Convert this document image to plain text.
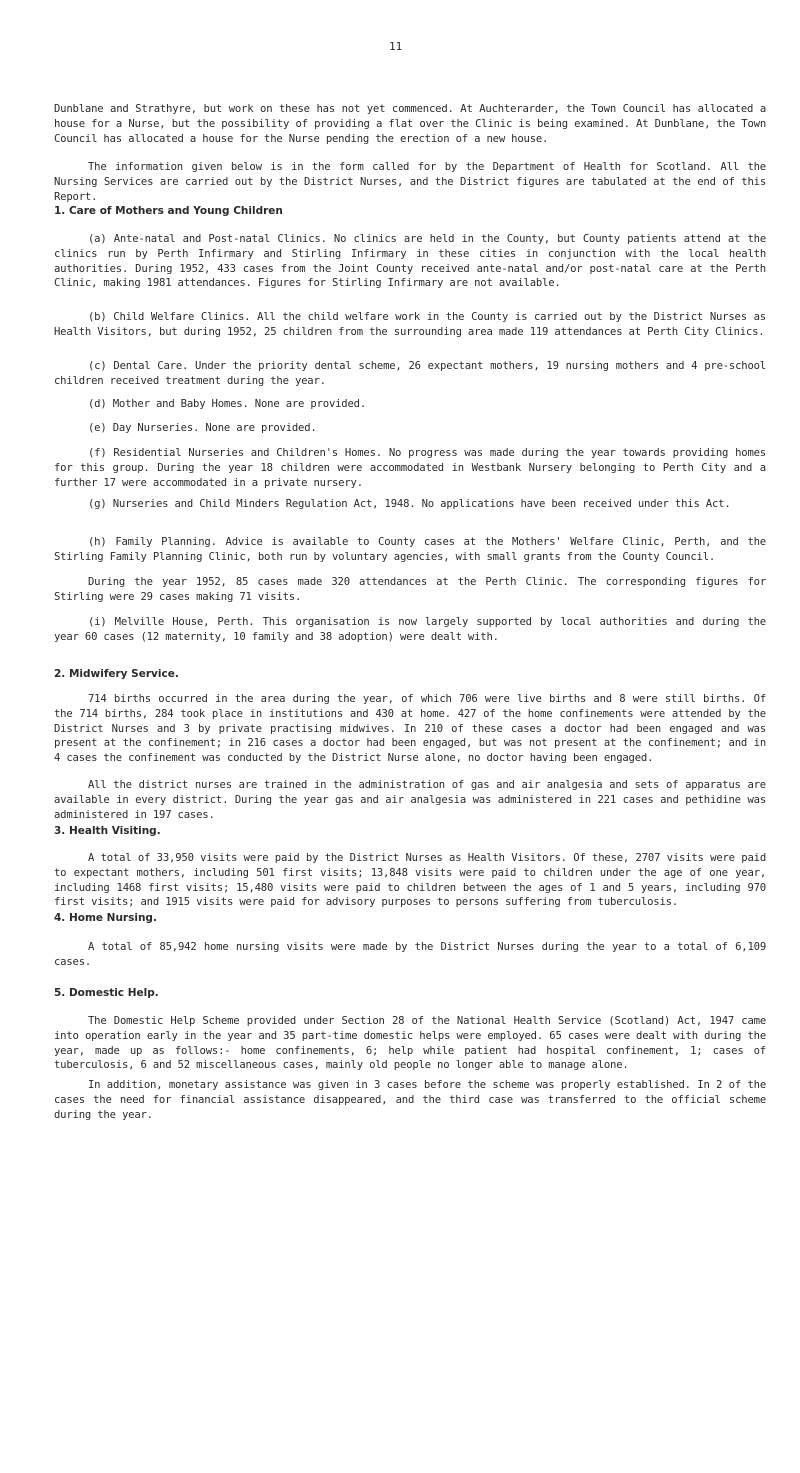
11
Dunblane and Strathyre, but work on these has not yet commenced. At Auchterarder, the Town Council has allocated a house for a Nurse, but the possibility of providing a flat over the Clinic is being examined. At Dunblane, the Town Council has allocated a house for the Nurse pending the erection of a new house.
The information given below is in the form called for by the Department of Health for Scotland. All the Nursing Services are carried out by the District Nurses, and the District figures are tabulated at the end of this Report.
1. Care of Mothers and Young Children
(a) Ante-natal and Post-natal Clinics. No clinics are held in the County, but County patients attend at the clinics run by Perth Infirmary and Stirling Infirmary in these cities in conjunction with the local health authorities. During 1952, 433 cases from the Joint County received ante-natal and/or post-natal care at the Perth Clinic, making 1981 attendances. Figures for Stirling Infirmary are not available.
(b) Child Welfare Clinics. All the child welfare work in the County is carried out by the District Nurses as Health Visitors, but during 1952, 25 children from the surrounding area made 119 attendances at Perth City Clinics.
(c) Dental Care. Under the priority dental scheme, 26 expectant mothers, 19 nursing mothers and 4 pre-school children received treatment during the year.
(d) Mother and Baby Homes. None are provided.
(e) Day Nurseries. None are provided.
(f) Residential Nurseries and Children's Homes. No progress was made during the year towards providing homes for this group. During the year 18 children were accommodated in Westbank Nursery belonging to Perth City and a further 17 were accommodated in a private nursery.
(g) Nurseries and Child Minders Regulation Act, 1948. No applications have been received under this Act.
(h) Family Planning. Advice is available to County cases at the Mothers' Welfare Clinic, Perth, and the Stirling Family Planning Clinic, both run by voluntary agencies, with small grants from the County Council.
During the year 1952, 85 cases made 320 attendances at the Perth Clinic. The corresponding figures for Stirling were 29 cases making 71 visits.
(i) Melville House, Perth. This organisation is now largely supported by local authorities and during the year 60 cases (12 maternity, 10 family and 38 adoption) were dealt with.
2. Midwifery Service.
714 births occurred in the area during the year, of which 706 were live births and 8 were still births. Of the 714 births, 284 took place in institutions and 430 at home. 427 of the home confinements were attended by the District Nurses and 3 by private practising midwives. In 210 of these cases a doctor had been engaged and was present at the confinement; in 216 cases a doctor had been engaged, but was not present at the confinement; and in 4 cases the confinement was conducted by the District Nurse alone, no doctor having been engaged.
All the district nurses are trained in the administration of gas and air analgesia and sets of apparatus are available in every district. During the year gas and air analgesia was administered in 221 cases and pethidine was administered in 197 cases.
3. Health Visiting.
A total of 33,950 visits were paid by the District Nurses as Health Visitors. Of these, 2707 visits were paid to expectant mothers, including 501 first visits; 13,848 visits were paid to children under the age of one year, including 1468 first visits; 15,480 visits were paid to children between the ages of 1 and 5 years, including 970 first visits; and 1915 visits were paid for advisory purposes to persons suffering from tuberculosis.
4. Home Nursing.
A total of 85,942 home nursing visits were made by the District Nurses during the year to a total of 6,109 cases.
5. Domestic Help.
The Domestic Help Scheme provided under Section 28 of the National Health Service (Scotland) Act, 1947 came into operation early in the year and 35 part-time domestic helps were employed. 65 cases were dealt with during the year, made up as follows:- home confinements, 6; help while patient had hospital confinement, 1; cases of tuberculosis, 6 and 52 miscellaneous cases, mainly old people no longer able to manage alone.
In addition, monetary assistance was given in 3 cases before the scheme was properly established. In 2 of the cases the need for financial assistance disappeared, and the third case was transferred to the official scheme during the year.
